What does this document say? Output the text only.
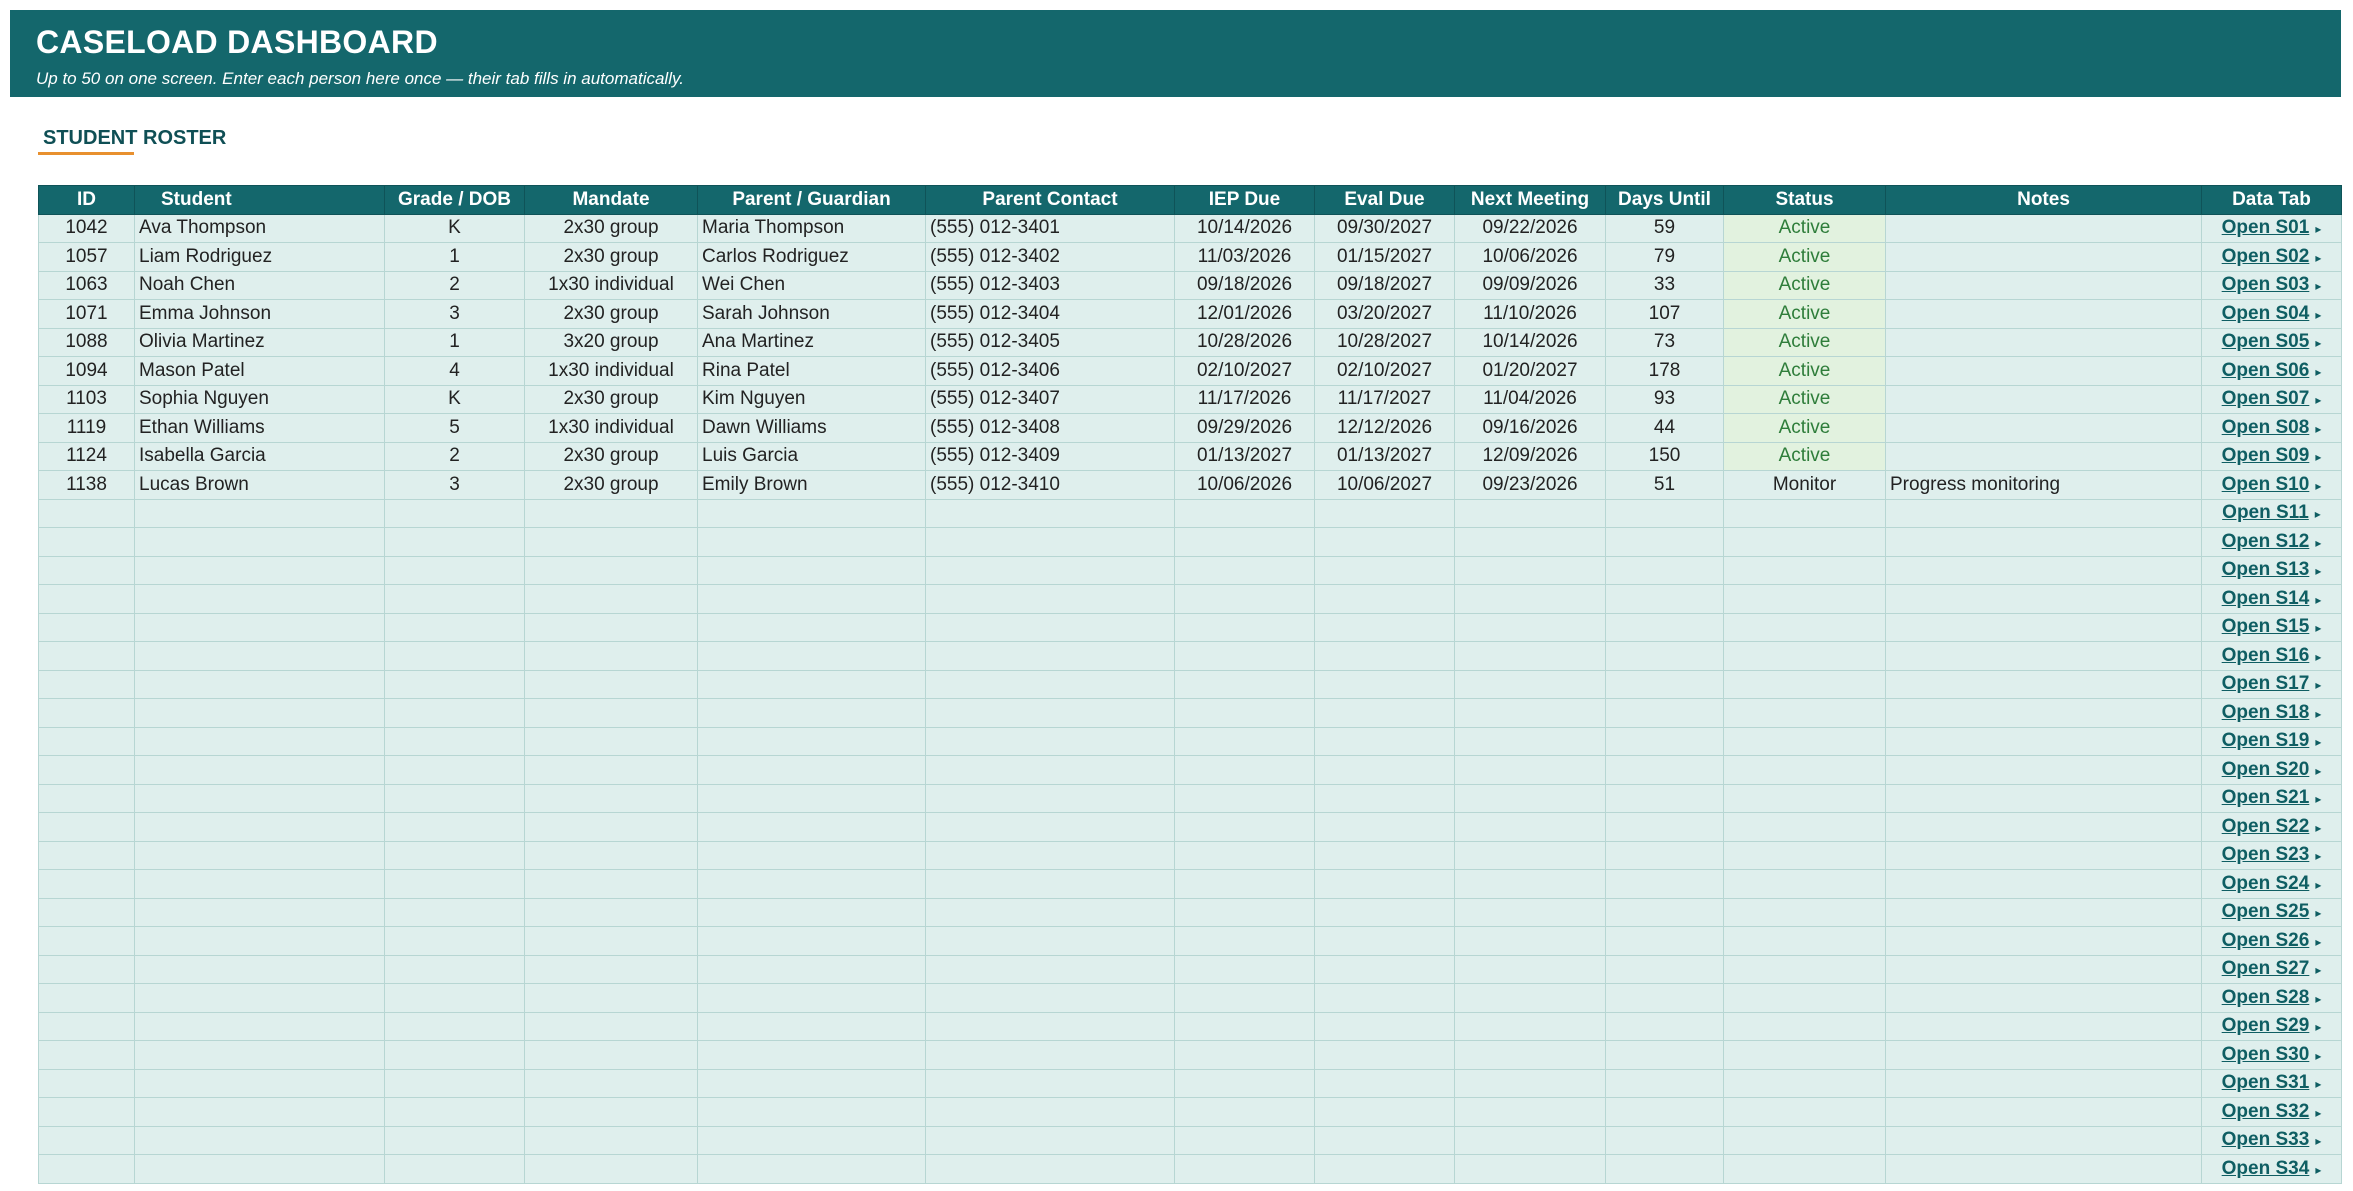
CASELOAD DASHBOARD
Up to 50 on one screen. Enter each person here once — their tab fills in automatically.
STUDENT ROSTER
ID	Student	Grade / DOB	Mandate	Parent / Guardian	Parent Contact	IEP Due	Eval Due	Next Meeting	Days Until	Status	Notes	Data Tab
1042	Ava Thompson	K	2x30 group	Maria Thompson	(555) 012-3401	10/14/2026	09/30/2027	09/22/2026	59	Active		Open S01 ▸
1057	Liam Rodriguez	1	2x30 group	Carlos Rodriguez	(555) 012-3402	11/03/2026	01/15/2027	10/06/2026	79	Active		Open S02 ▸
1063	Noah Chen	2	1x30 individual	Wei Chen	(555) 012-3403	09/18/2026	09/18/2027	09/09/2026	33	Active		Open S03 ▸
1071	Emma Johnson	3	2x30 group	Sarah Johnson	(555) 012-3404	12/01/2026	03/20/2027	11/10/2026	107	Active		Open S04 ▸
1088	Olivia Martinez	1	3x20 group	Ana Martinez	(555) 012-3405	10/28/2026	10/28/2027	10/14/2026	73	Active		Open S05 ▸
1094	Mason Patel	4	1x30 individual	Rina Patel	(555) 012-3406	02/10/2027	02/10/2027	01/20/2027	178	Active		Open S06 ▸
1103	Sophia Nguyen	K	2x30 group	Kim Nguyen	(555) 012-3407	11/17/2026	11/17/2027	11/04/2026	93	Active		Open S07 ▸
1119	Ethan Williams	5	1x30 individual	Dawn Williams	(555) 012-3408	09/29/2026	12/12/2026	09/16/2026	44	Active		Open S08 ▸
1124	Isabella Garcia	2	2x30 group	Luis Garcia	(555) 012-3409	01/13/2027	01/13/2027	12/09/2026	150	Active		Open S09 ▸
1138	Lucas Brown	3	2x30 group	Emily Brown	(555) 012-3410	10/06/2026	10/06/2027	09/23/2026	51	Monitor	Progress monitoring	Open S10 ▸
												Open S11 ▸
												Open S12 ▸
												Open S13 ▸
												Open S14 ▸
												Open S15 ▸
												Open S16 ▸
												Open S17 ▸
												Open S18 ▸
												Open S19 ▸
												Open S20 ▸
												Open S21 ▸
												Open S22 ▸
												Open S23 ▸
												Open S24 ▸
												Open S25 ▸
												Open S26 ▸
												Open S27 ▸
												Open S28 ▸
												Open S29 ▸
												Open S30 ▸
												Open S31 ▸
												Open S32 ▸
												Open S33 ▸
												Open S34 ▸
